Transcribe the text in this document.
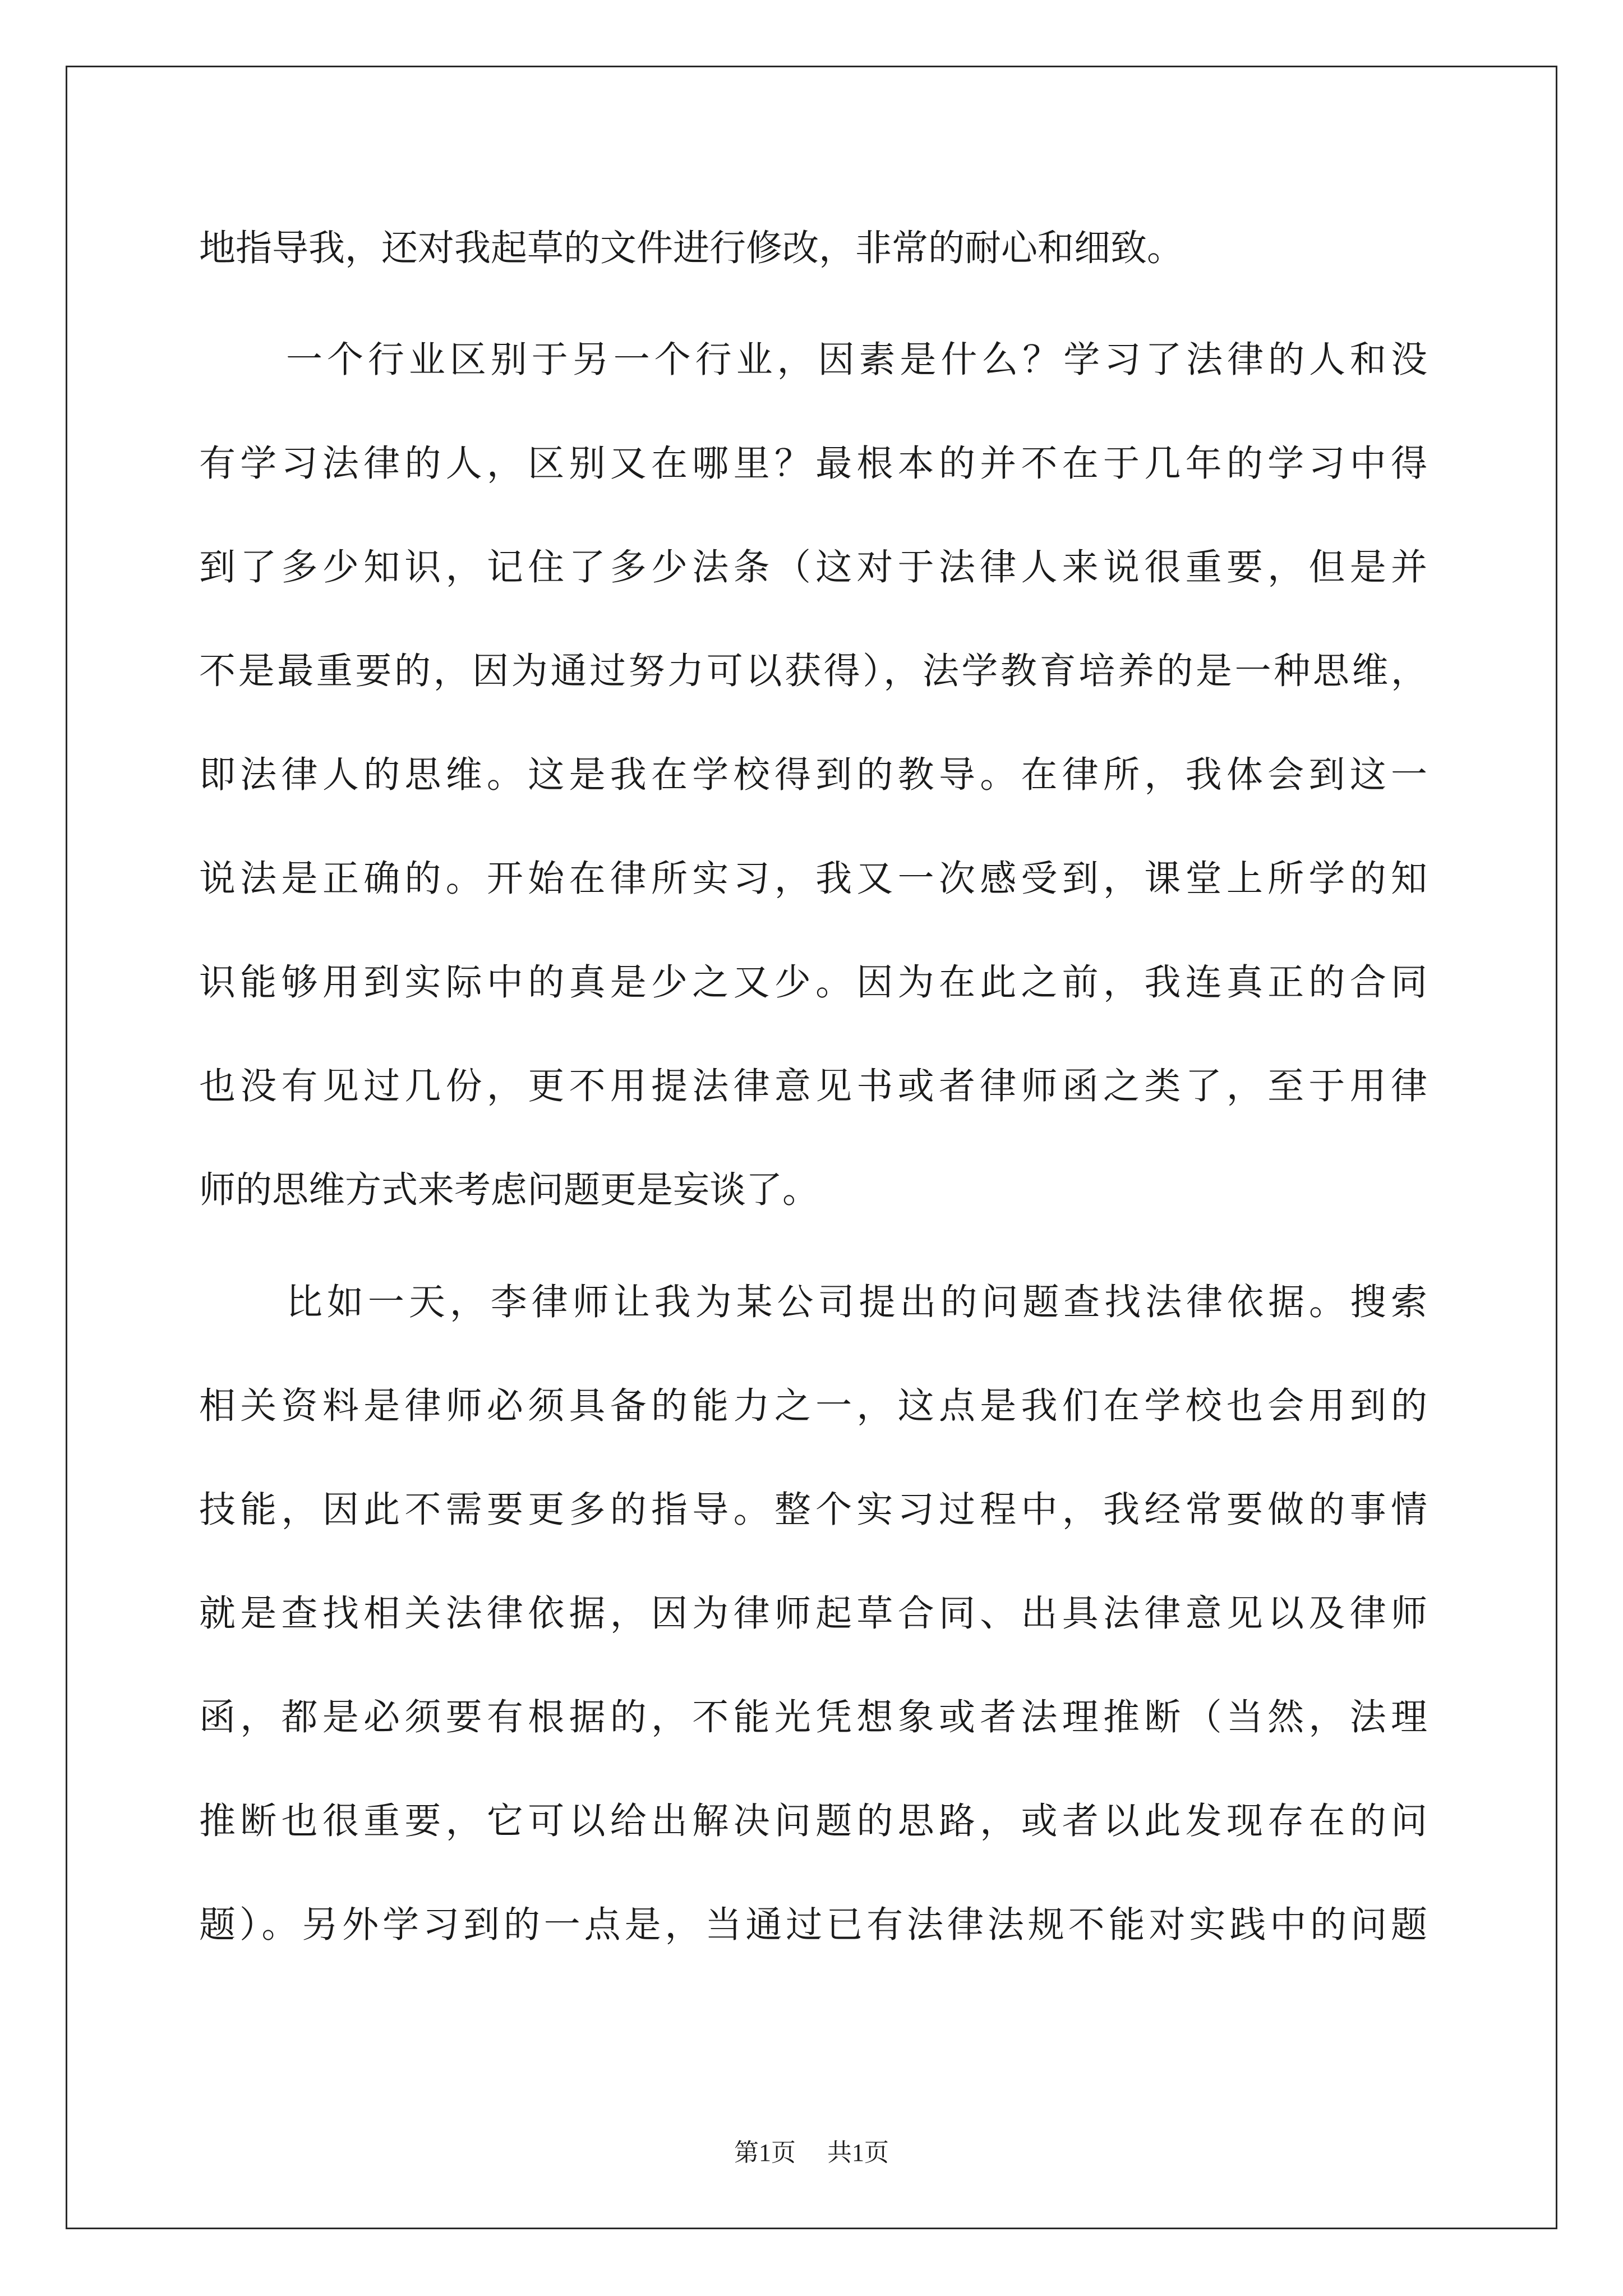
地指导我，还对我起草的文件进行修改，非常的耐心和细致。
一个行业区别于另一个行业，因素是什么？学习了法律的人和没
有学习法律的人，区别又在哪里？最根本的并不在于几年的学习中得
到了多少知识，记住了多少法条（这对于法律人来说很重要，但是并
不是最重要的，因为通过努力可以获得），法学教育培养的是一种思维，
即法律人的思维。这是我在学校得到的教导。在律所，我体会到这一
说法是正确的。开始在律所实习，我又一次感受到，课堂上所学的知
识能够用到实际中的真是少之又少。因为在此之前，我连真正的合同
也没有见过几份，更不用提法律意见书或者律师函之类了，至于用律
师的思维方式来考虑问题更是妄谈了。
比如一天，李律师让我为某公司提出的问题查找法律依据。搜索
相关资料是律师必须具备的能力之一，这点是我们在学校也会用到的
技能，因此不需要更多的指导。整个实习过程中，我经常要做的事情
就是查找相关法律依据，因为律师起草合同、出具法律意见以及律师
函，都是必须要有根据的，不能光凭想象或者法理推断（当然，法理
推断也很重要，它可以给出解决问题的思路，或者以此发现存在的问
题）。另外学习到的一点是，当通过已有法律法规不能对实践中的问题
第1页 共1页
